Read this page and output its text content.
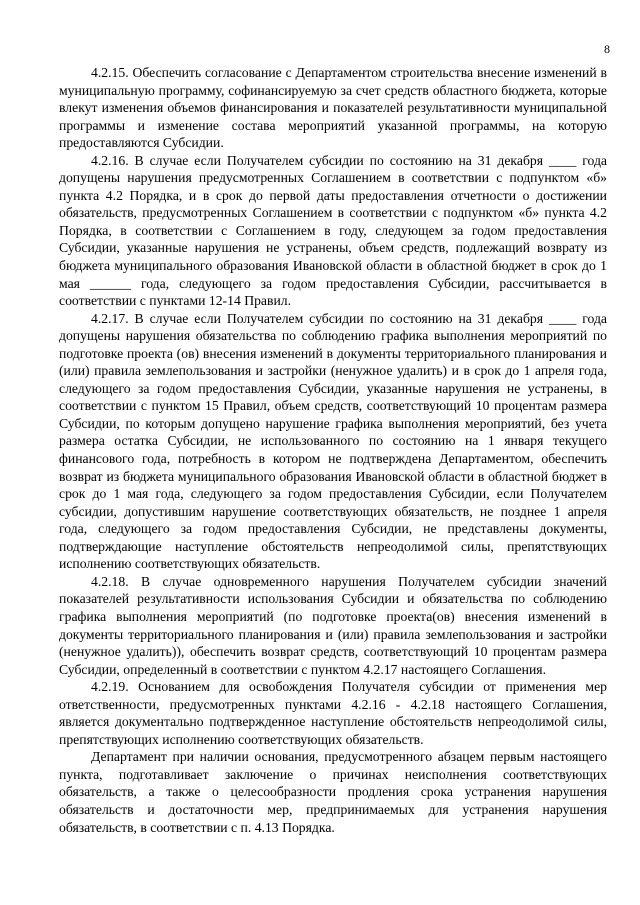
8

4.2.15. Обеспечить согласование с Департаментом строительства внесение изменений в муниципальную программу, софинансируемую за счет средств областного бюджета, которые влекут изменения объемов финансирования и показателей результативности муниципальной программы и изменение состава мероприятий указанной программы, на которую предоставляются Субсидии.

4.2.16. В случае если Получателем субсидии по состоянию на 31 декабря ____ года допущены нарушения предусмотренных Соглашением в соответствии с подпунктом «б» пункта 4.2 Порядка, и в срок до первой даты предоставления отчетности о достижении обязательств, предусмотренных Соглашением в соответствии с подпунктом «б» пункта 4.2 Порядка, в соответствии с Соглашением в году, следующем за годом предоставления Субсидии, указанные нарушения не устранены, объем средств, подлежащий возврату из бюджета муниципального образования Ивановской области в областной бюджет в срок до 1 мая ______ года, следующего за годом предоставления Субсидии, рассчитывается в соответствии с пунктами 12-14 Правил.

4.2.17. В случае если Получателем субсидии по состоянию на 31 декабря ____ года допущены нарушения обязательства по соблюдению графика выполнения мероприятий по подготовке проекта (ов) внесения изменений в документы территориального планирования и (или) правила землепользования и застройки (ненужное удалить) и в срок до 1 апреля года, следующего за годом предоставления Субсидии, указанные нарушения не устранены, в соответствии с пунктом 15 Правил, объем средств, соответствующий 10 процентам размера Субсидии, по которым допущено нарушение графика выполнения мероприятий, без учета размера остатка Субсидии, не использованного по состоянию на 1 января текущего финансового года, потребность в котором не подтверждена Департаментом, обеспечить возврат из бюджета муниципального образования Ивановской области в областной бюджет в срок до 1 мая года, следующего за годом предоставления Субсидии, если Получателем субсидии, допустившим нарушение соответствующих обязательств, не позднее 1 апреля года, следующего за годом предоставления Субсидии, не представлены документы, подтверждающие наступление обстоятельств непреодолимой силы, препятствующих исполнению соответствующих обязательств.

4.2.18. В случае одновременного нарушения Получателем субсидии значений показателей результативности использования Субсидии и обязательства по соблюдению графика выполнения мероприятий (по подготовке проекта(ов) внесения изменений в документы территориального планирования и (или) правила землепользования и застройки (ненужное удалить)), обеспечить возврат средств, соответствующий 10 процентам размера Субсидии, определенный в соответствии с пунктом 4.2.17 настоящего Соглашения.

4.2.19. Основанием для освобождения Получателя субсидии от применения мер ответственности, предусмотренных пунктами 4.2.16 - 4.2.18 настоящего Соглашения, является документально подтвержденное наступление обстоятельств непреодолимой силы, препятствующих исполнению соответствующих обязательств.

Департамент при наличии основания, предусмотренного абзацем первым настоящего пункта, подготавливает заключение о причинах неисполнения соответствующих обязательств, а также о целесообразности продления срока устранения нарушения обязательств и достаточности мер, предпринимаемых для устранения нарушения обязательств, в соответствии с п. 4.13 Порядка.
